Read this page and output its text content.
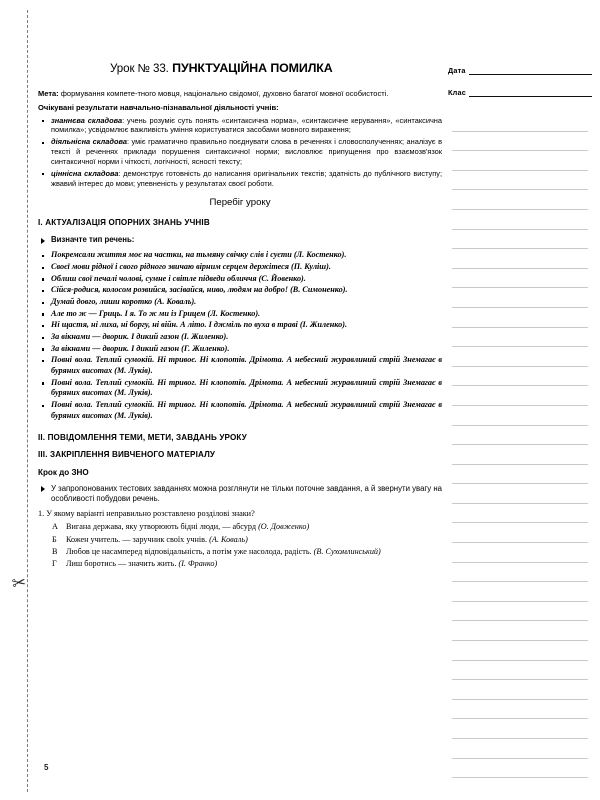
✂
Дата
Клас
Урок № 33. ПУНКТУАЦІЙНА ПОМИЛКА

Мета: формування компете-тного мовця, національно свідомої, духовно багатої мовної особистості.

Очікувані результати навчально-пізнавальної діяльності учнів:
знаннєва складова: учень розуміє суть понять «синтаксична норма», «синтаксичне керування», «синтаксична помилка»; усвідомлює важливість уміння користуватися засобами мовного вираження;
діяльнісна складова: уміє граматично правильно поєднувати слова в реченнях і словосполученнях; аналізує в тексті й реченнях приклади порушення синтаксичної норми; висловлює припущення про взаємозв'язок синтаксичної норми і чіткості, логічності, ясності тексту;
ціннісна складова: демонструє готовність до написання оригінальних текстів; здатність до публічного виступу; жвавий інтерес до мови; упевненість у результатах своєї роботи.
Перебіг уроку
I. АКТУАЛІЗАЦІЯ ОПОРНИХ ЗНАНЬ УЧНІВ
Визначте тип речень:
Покремсали життя моє на частки, на тьмяну свічку слів і суєти (Л. Костенко).
Своєї мови рідної і свого рідного звичаю вірним серцем держітеся (П. Куліш).
Облиш свої печалі чолові, сумне і світле підведи обличчя (С. Йовенко).
Сійся-родися, колосом розвийся, засівайся, ниво, людям на добро! (В. Симоненко).
Думай довго, лиши коротко (А. Коваль).
Але то ж — Гриць. І я. То ж ми із Грицем (Л. Костенко).
Ні щастя, ні лиха, ні боргу, ні війн. А літо. І джміль по вуха в траві (І. Жиленко).
За вікнами — дворик. І дикий газон (І. Жиленко).
За вікнами — дворик. І дикий газон (Г. Жиленко).
Повні вола. Теплий сумокій. Ні тривоє. Ні клопотів. Дрімота. А небесний журавлиний стрій Знемагає в буряних висотах (М. Луків).
Повні вола. Теплий сумокій. Ні тривог. Ні клопотів. Дрімота. А небесний журавлиний стрій Знемагає в буряних висотах (М. Луків).
Повні вола. Теплий сумокій. Ні тривог. Ні клопотів. Дрімота. А небесний журавлиний стрій Знемагає в буряних висотах (М. Луків).
II. ПОВІДОМЛЕННЯ ТЕМИ, МЕТИ, ЗАВДАНЬ УРОКУ
III. ЗАКРІПЛЕННЯ ВИВЧЕНОГО МАТЕРІАЛУ
Крок до ЗНО
У запропонованих тестових завданнях можна розглянути не тільки поточне завдання, а й звернути увагу на особливості побудови речень.

1. У якому варіанті неправильно розставлено розділові знаки?

А Вигана держава, яку утворюють бідні люди, — абсурд (О. Довженко)
Б Кожен учитель. — заручник своїх учнів. (А. Коваль)
В Любов це насамперед відповідальність, а потім уже насолода, радість. (В. Сухомлинський)
Г Лиш боротись — значить жить. (І. Франко)
5
